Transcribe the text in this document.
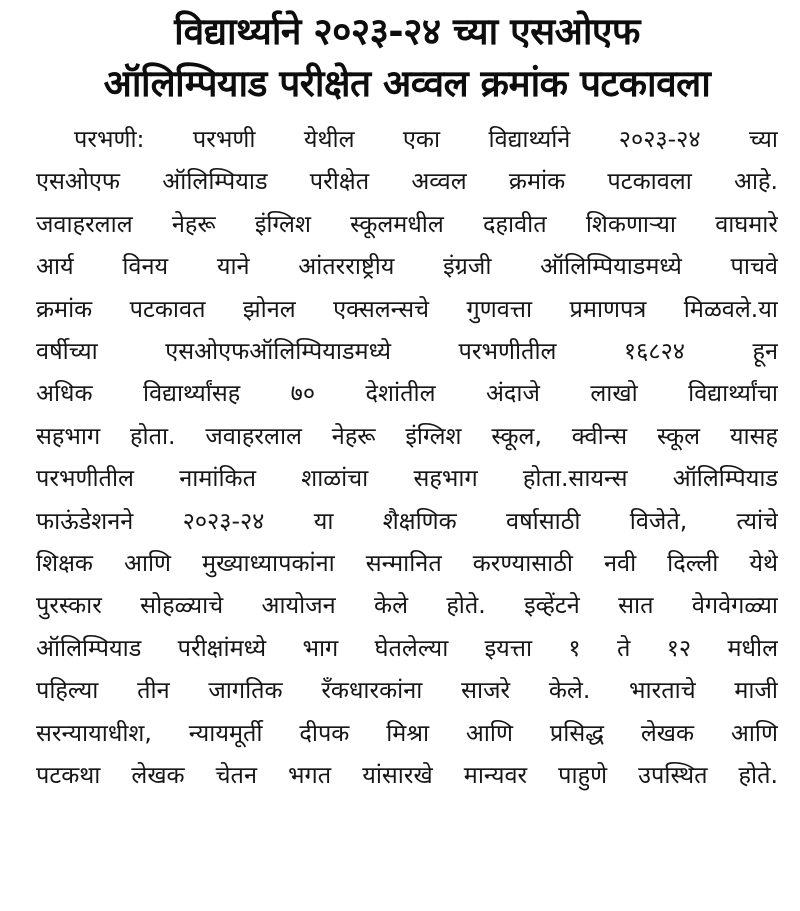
विद्यार्थ्याने २०२३-२४ च्या एसओएफ
ऑलिम्पियाड परीक्षेत अव्वल क्रमांक पटकावला
परभणी: परभणी येथील एका विद्यार्थ्याने २०२३-२४ च्या
एसओएफ ऑलिम्पियाड परीक्षेत अव्वल क्रमांक पटकावला आहे.
जवाहरलाल नेहरू इंग्लिश स्कूलमधील दहावीत शिकणाऱ्या वाघमारे
आर्य विनय याने आंतरराष्ट्रीय इंग्रजी ऑलिम्पियाडमध्ये पाचवे
क्रमांक पटकावत झोनल एक्सलन्सचे गुणवत्ता प्रमाणपत्र मिळवले.या
वर्षीच्या एसओएफऑलिम्पियाडमध्ये परभणीतील १६८२४ हून
अधिक विद्यार्थ्यांसह ७० देशांतील अंदाजे लाखो विद्यार्थ्यांचा
सहभाग होता. जवाहरलाल नेहरू इंग्लिश स्कूल, क्वीन्स स्कूल यासह
परभणीतील नामांकित शाळांचा सहभाग होता.सायन्स ऑलिम्पियाड
फाऊंडेशनने २०२३-२४ या शैक्षणिक वर्षासाठी विजेते, त्यांचे
शिक्षक आणि मुख्याध्यापकांना सन्मानित करण्यासाठी नवी दिल्ली येथे
पुरस्कार सोहळ्याचे आयोजन केले होते. इव्हेंटने सात वेगवेगळ्या
ऑलिम्पियाड परीक्षांमध्ये भाग घेतलेल्या इयत्ता १ ते १२ मधील
पहिल्या तीन जागतिक रँकधारकांना साजरे केले. भारताचे माजी
सरन्यायाधीश, न्यायमूर्ती दीपक मिश्रा आणि प्रसिद्ध लेखक आणि
पटकथा लेखक चेतन भगत यांसारखे मान्यवर पाहुणे उपस्थित होते.
